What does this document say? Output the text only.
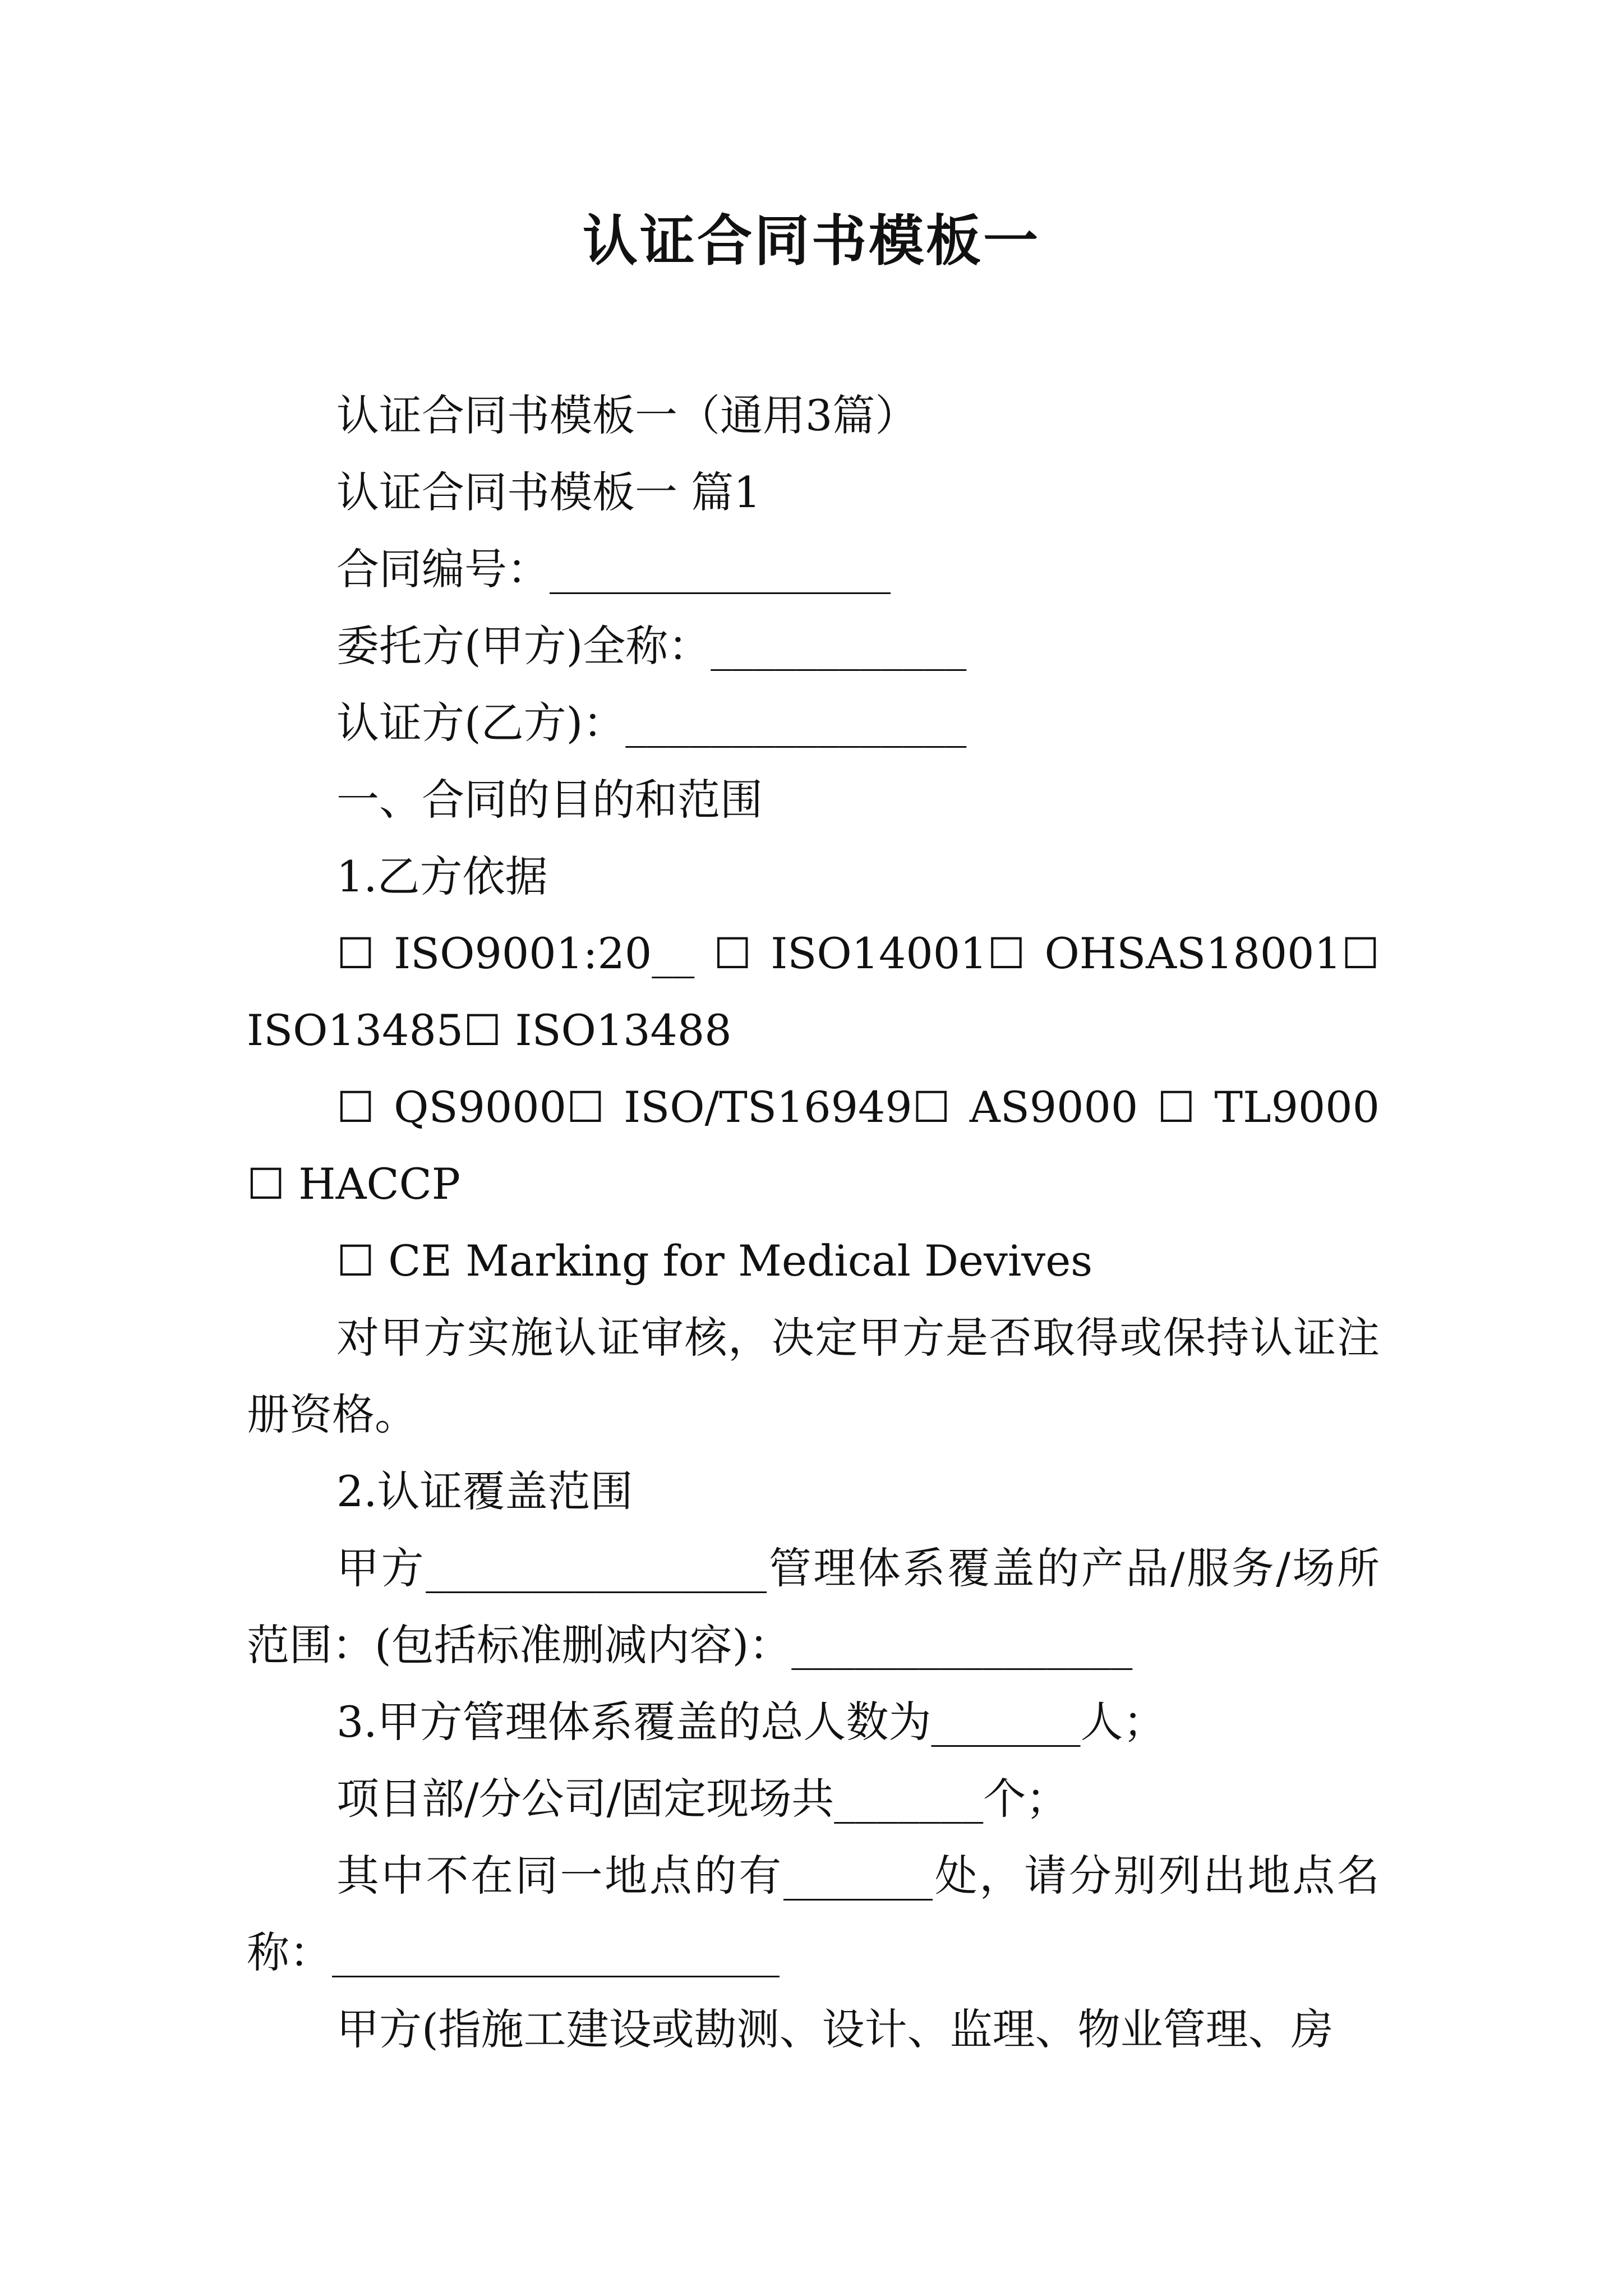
认证合同书模板一

认证合同书模板一（通用3篇）

认证合同书模板一 篇1

合同编号：________________

委托方(甲方)全称：____________

认证方(乙方)：________________

一、合同的目的和范围

1.乙方依据

☐ ISO9001:20__ ☐ ISO14001☐ OHSAS18001☐ ISO13485☐ ISO13488

☐ QS9000☐ ISO/TS16949☐ AS9000 ☐ TL9000 ☐ HACCP

☐ CE Marking for Medical Devives

对甲方实施认证审核，决定甲方是否取得或保持认证注册资格。

2.认证覆盖范围

甲方________________管理体系覆盖的产品/服务/场所范围：(包括标准删减内容)：________________

3.甲方管理体系覆盖的总人数为_______人；

项目部/分公司/固定现场共_______个；

其中不在同一地点的有_______处，请分别列出地点名称：_____________________

甲方(指施工建设或勘测、设计、监理、物业管理、房
